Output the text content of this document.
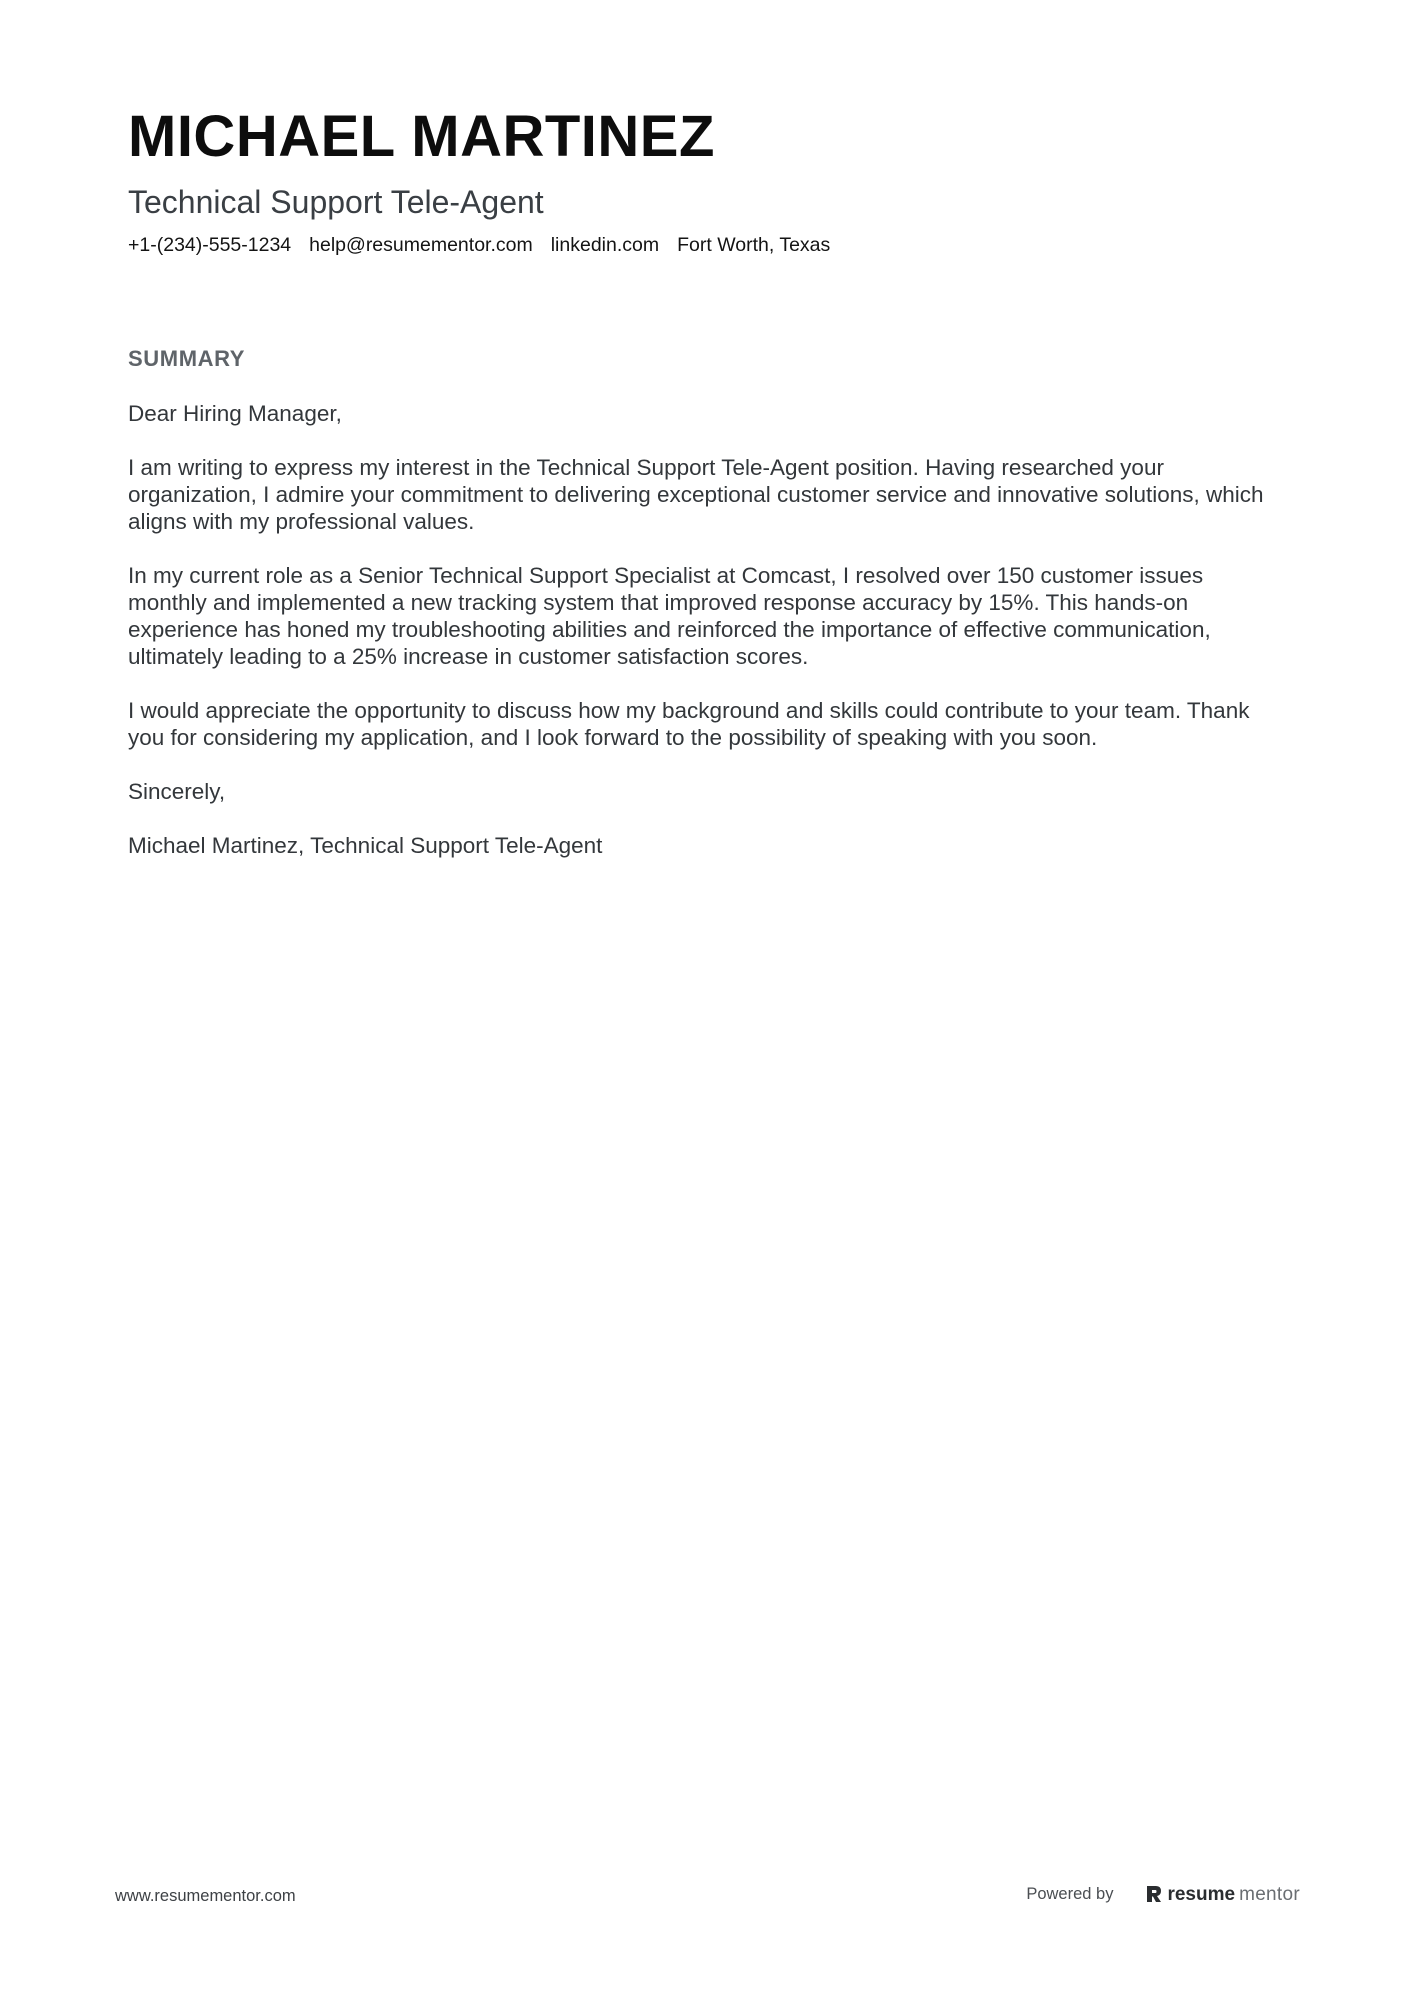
MICHAEL MARTINEZ
Technical Support Tele-Agent
+1-(234)-555-1234 help@resumementor.com linkedin.com Fort Worth, Texas
SUMMARY

Dear Hiring Manager,

I am writing to express my interest in the Technical Support Tele-Agent position. Having researched your organization, I admire your commitment to delivering exceptional customer service and innovative solutions, which aligns with my professional values.

In my current role as a Senior Technical Support Specialist at Comcast, I resolved over 150 customer issues monthly and implemented a new tracking system that improved response accuracy by 15%. This hands-on experience has honed my troubleshooting abilities and reinforced the importance of effective communication, ultimately leading to a 25% increase in customer satisfaction scores.

I would appreciate the opportunity to discuss how my background and skills could contribute to your team. Thank you for considering my application, and I look forward to the possibility of speaking with you soon.

Sincerely,

Michael Martinez, Technical Support Tele-Agent

www.resumementor.com	Powered by	resume mentor
